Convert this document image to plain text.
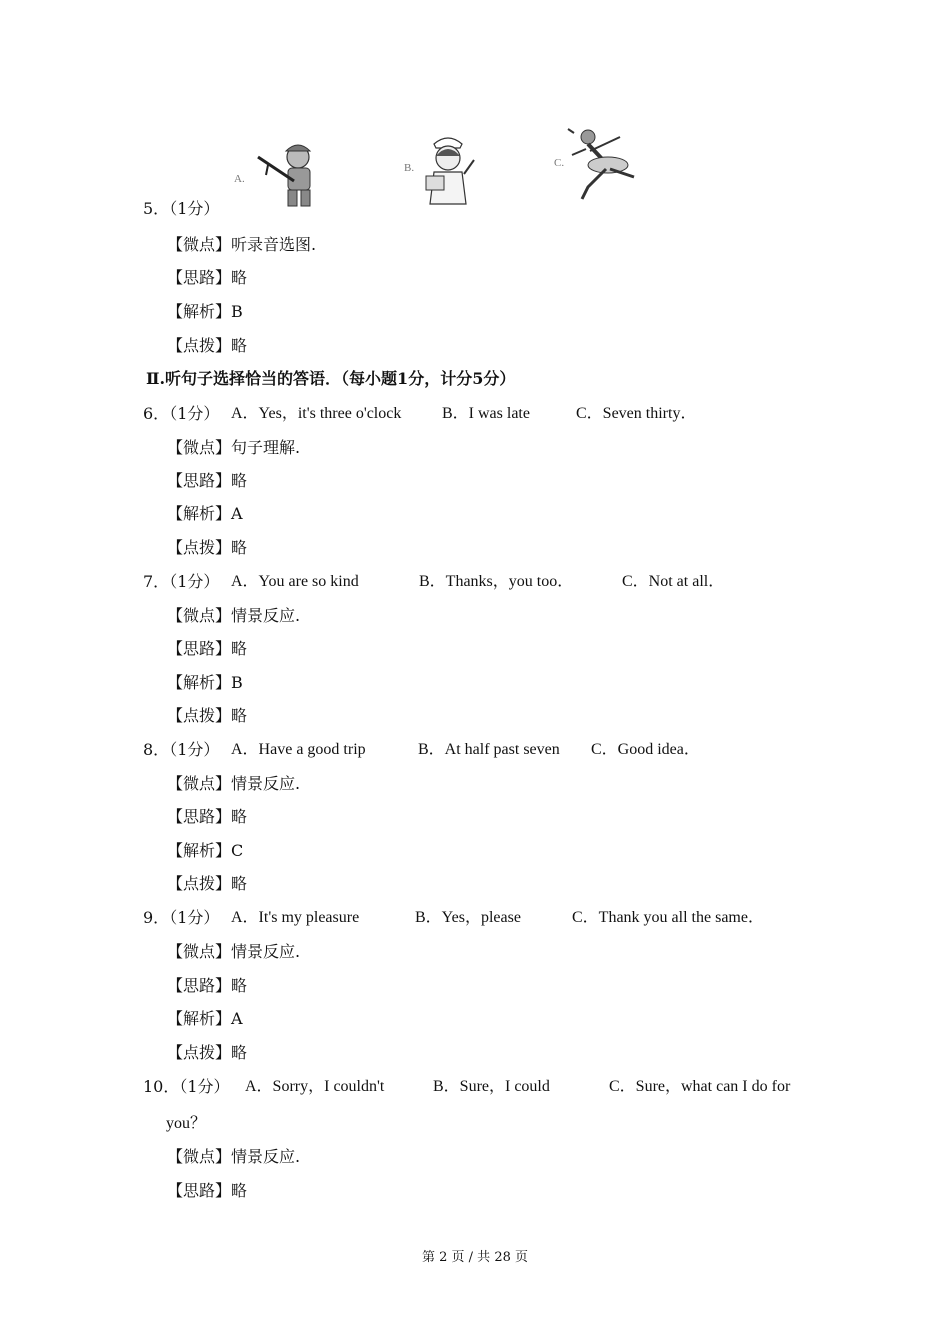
A.
B.	C.
5．（1分）
【微点】听录音选图.
【思路】略
【解析】B
【点拨】略
Ⅱ.听句子选择恰当的答语．（每小题1分，计分5分）
6．（1分） A．Yes，it's three o'clock	B．I was late	C．Seven thirty．
【微点】句子理解.
【思路】略
【解析】A
【点拨】略
7．（1分） A．You are so kind	B．Thanks，you too．	C．Not at all．
【微点】情景反应.
【思路】略
【解析】B
【点拨】略
8．（1分） A．Have a good trip	B．At half past seven C．Good idea．
【微点】情景反应.
【思路】略
【解析】C
【点拨】略
9．（1分） A．It's my pleasure	B．Yes，please	C．Thank you all the same．
【微点】情景反应.
【思路】略
【解析】A
【点拨】略
10．（1分） A．Sorry，I couldn't	B．Sure，I could	C．Sure，what can I do for
you？
【微点】情景反应.
【思路】略
第 2 页 / 共 28 页
